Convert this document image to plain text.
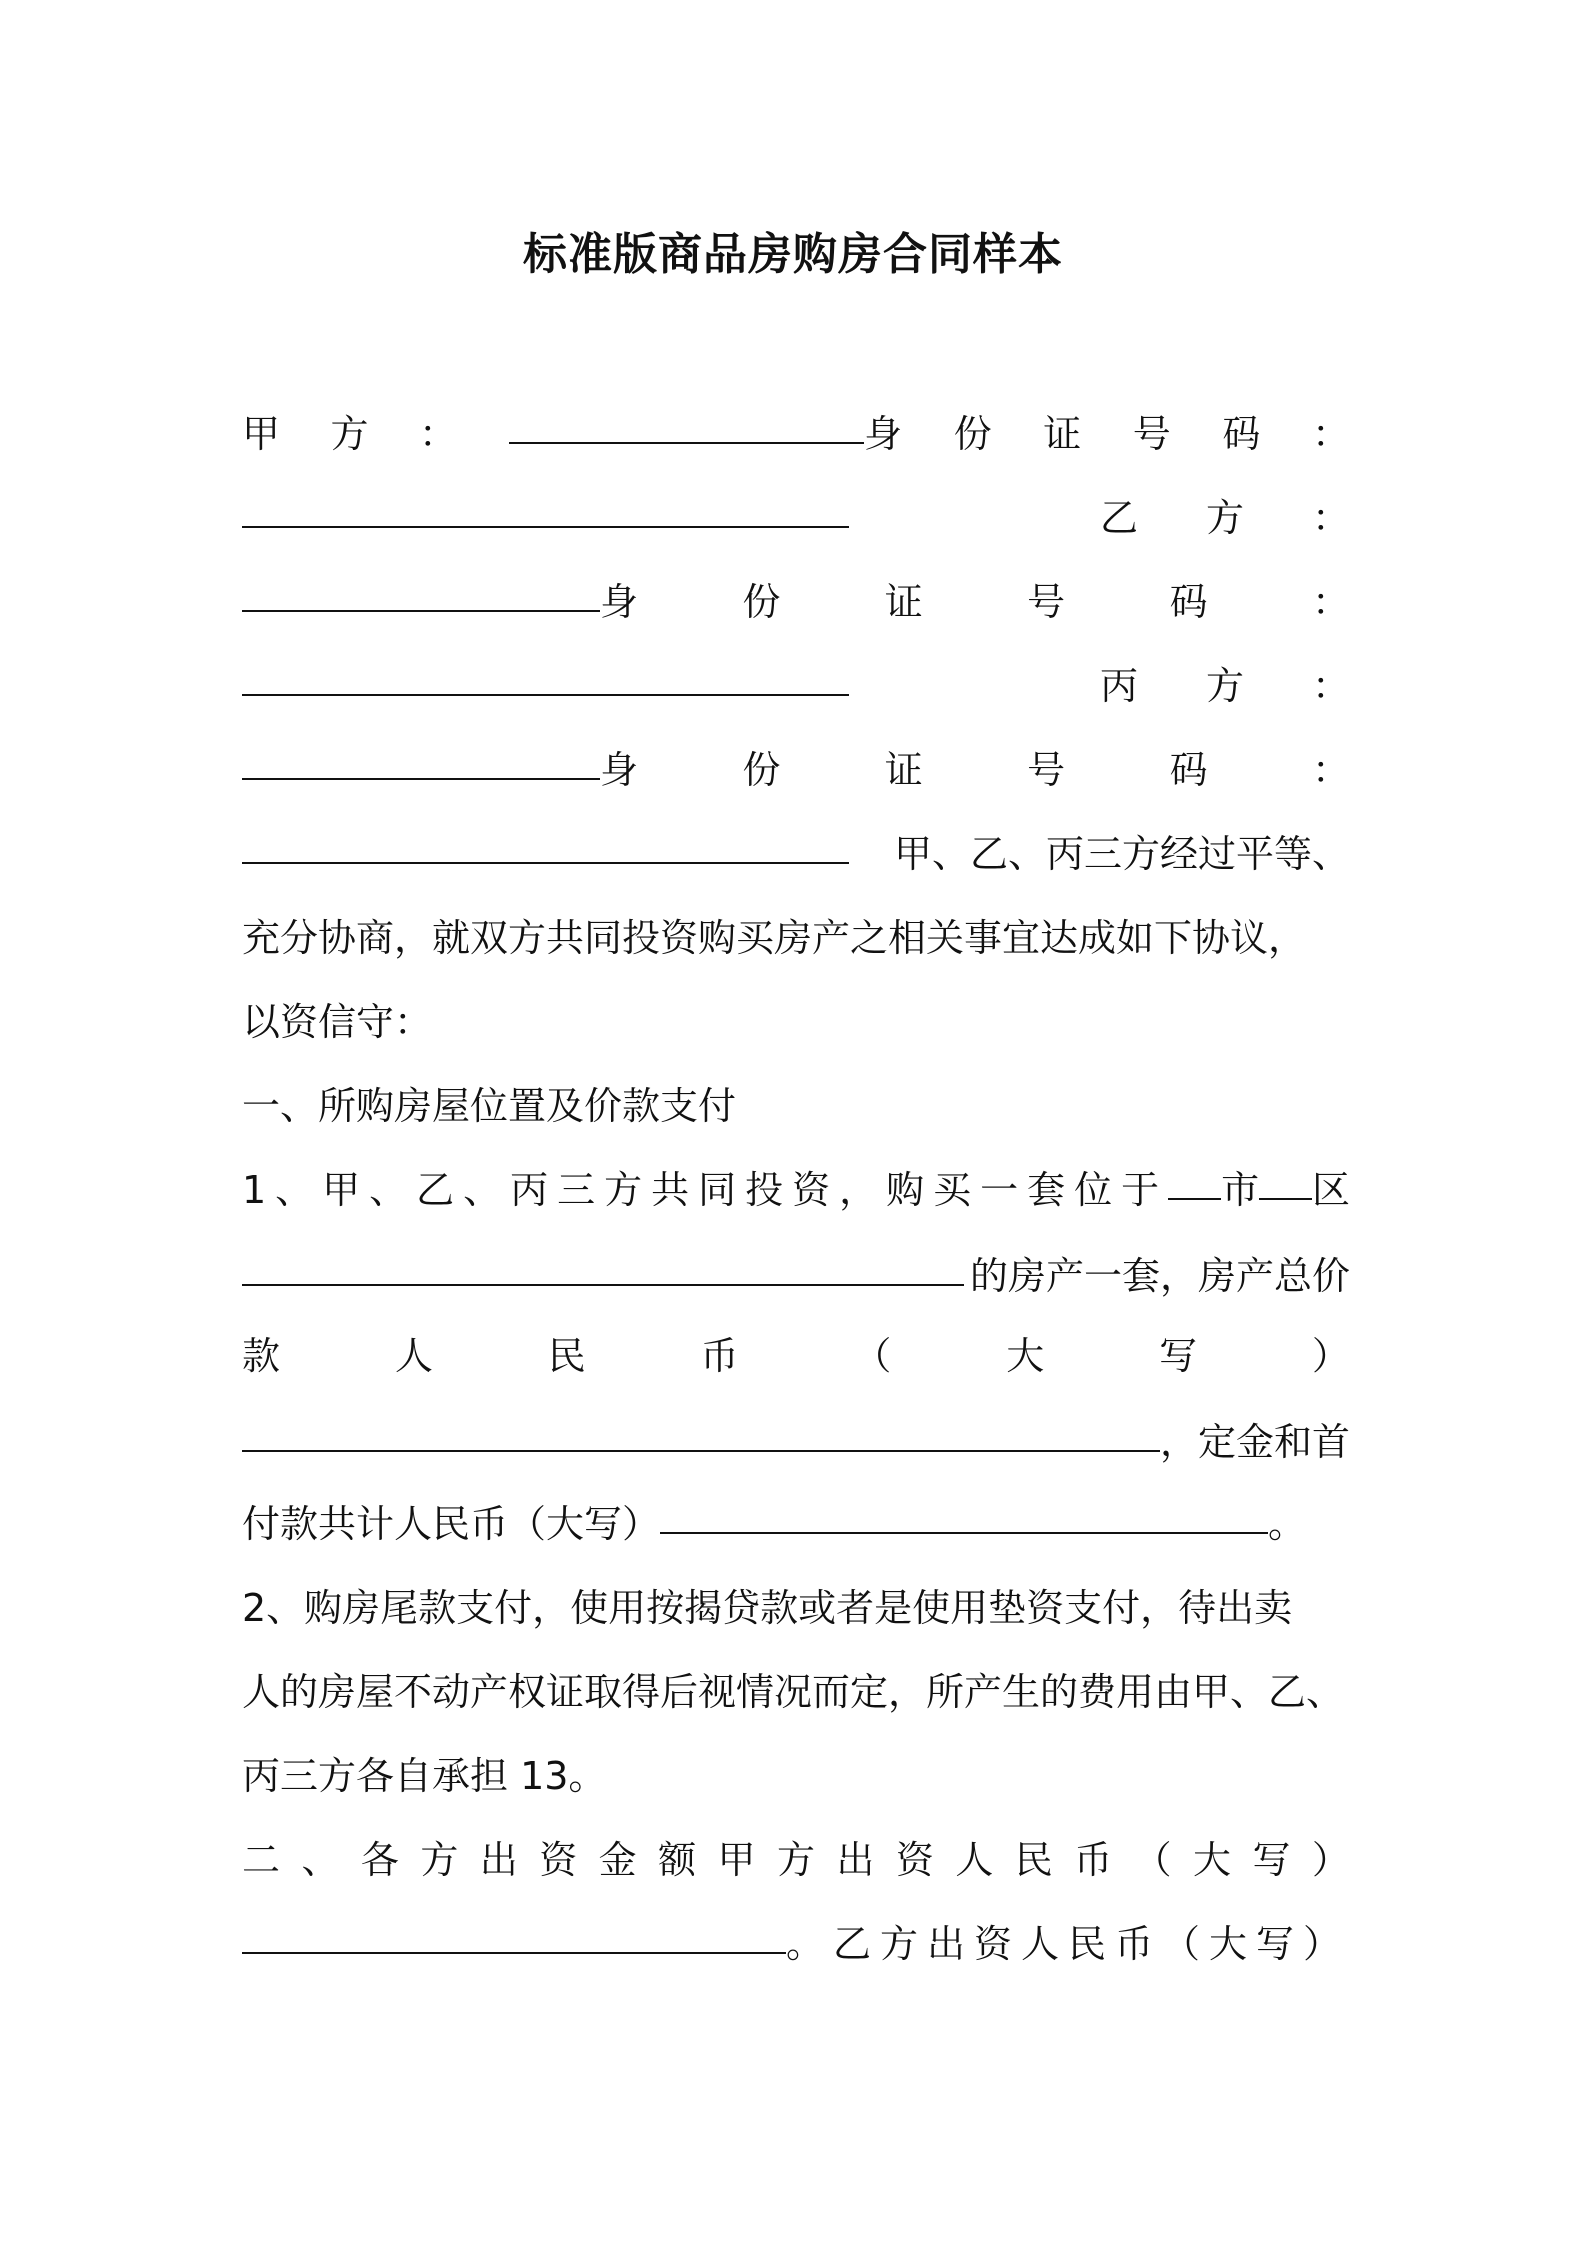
标准版商品房购房合同样本
甲 方 ：	身 份 证 号 码 ：
乙 方 ：
身	份	证	号	码	：
丙 方 ：
身	份	证	号	码	：
甲、乙、丙三方经过平等、
充分协商，就双方共同投资购买房产之相关事宜达成如下协议，
以资信守：
一、所购房屋位置及价款支付
1、甲、乙、丙三方共同投资，购买一套位于 市 区
的房产一套，房产总价
款	人	民	币	（	大	写	）
，定金和首
付款共计人民币（大写）	。
2、购房尾款支付，使用按揭贷款或者是使用垫资支付，待出卖
人的房屋不动产权证取得后视情况而定，所产生的费用由甲、乙、
丙三方各自承担 13。
二 、 各 方 出 资 金 额 甲 方 出 资 人 民 币 （ 大 写 ）
。乙方出资人民币（大写）
